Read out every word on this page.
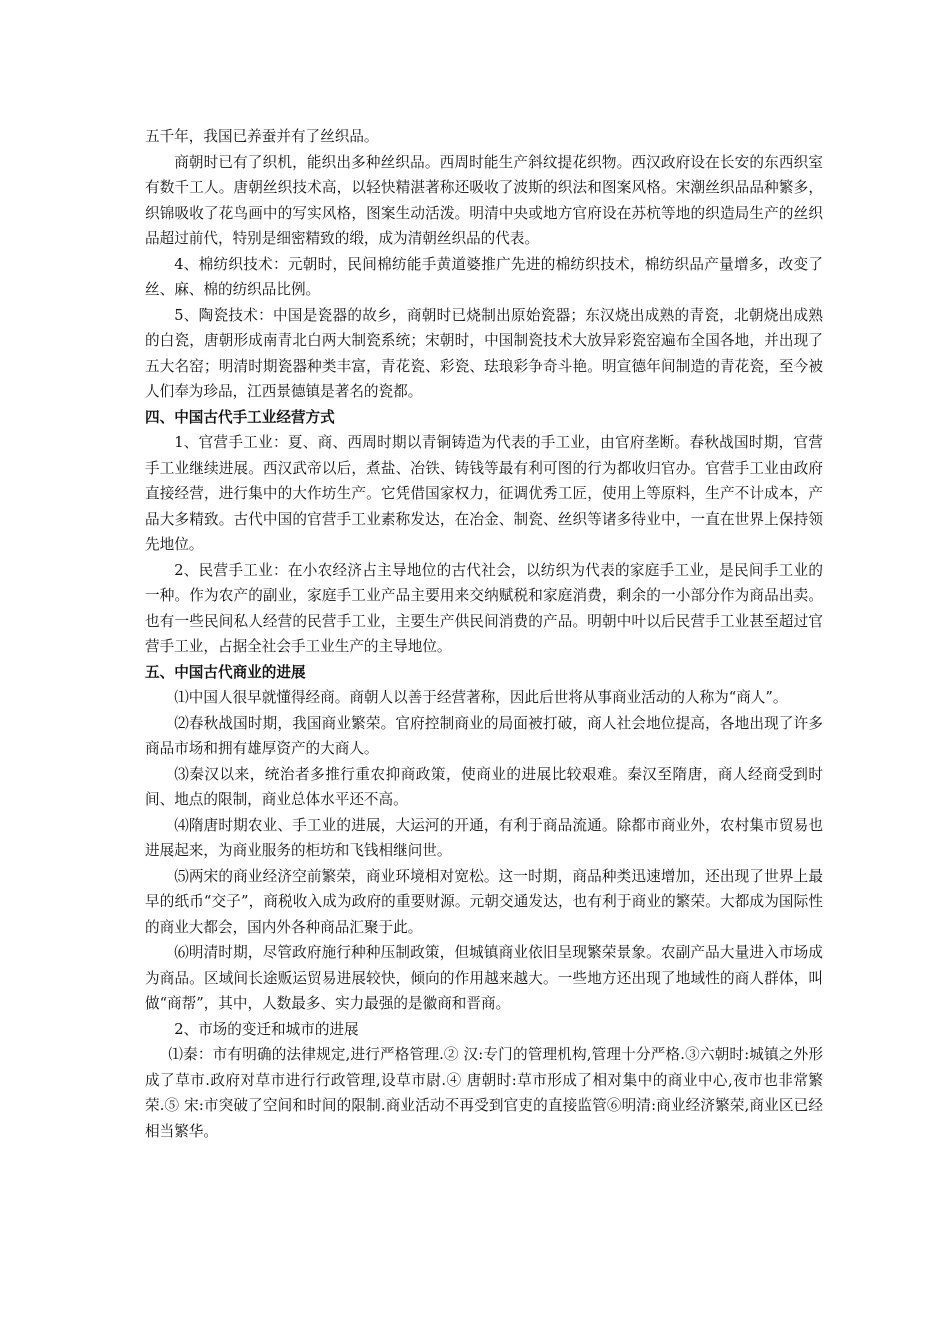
五千年，我国已养蚕并有了丝织品。

商朝时已有了织机，能织出多种丝织品。西周时能生产斜纹提花织物。西汉政府设在长安的东西织室有数千工人。唐朝丝织技术高，以轻快精湛著称还吸收了波斯的织法和图案风格。宋潮丝织品品种繁多，织锦吸收了花鸟画中的写实风格，图案生动活泼。明清中央或地方官府设在苏杭等地的织造局生产的丝织品超过前代，特别是细密精致的缎，成为清朝丝织品的代表。

4、棉纺织技术：元朝时，民间棉纺能手黄道婆推广先进的棉纺织技术，棉纺织品产量增多，改变了丝、麻、棉的纺织品比例。

5、陶瓷技术：中国是瓷器的故乡，商朝时已烧制出原始瓷器；东汉烧出成熟的青瓷，北朝烧出成熟的白瓷，唐朝形成南青北白两大制瓷系统；宋朝时，中国制瓷技术大放异彩瓷窑遍布全国各地，并出现了五大名窑；明清时期瓷器种类丰富，青花瓷、彩瓷、珐琅彩争奇斗艳。明宣德年间制造的青花瓷，至今被人们奉为珍品，江西景德镇是著名的瓷都。

四、中国古代手工业经营方式

1、官营手工业：夏、商、西周时期以青铜铸造为代表的手工业，由官府垄断。春秋战国时期，官营手工业继续进展。西汉武帝以后，煮盐、冶铁、铸钱等最有利可图的行为都收归官办。官营手工业由政府直接经营，进行集中的大作坊生产。它凭借国家权力，征调优秀工匠，使用上等原料，生产不计成本，产品大多精致。古代中国的官营手工业素称发达，在冶金、制瓷、丝织等诸多待业中，一直在世界上保持领先地位。

2、民营手工业：在小农经济占主导地位的古代社会，以纺织为代表的家庭手工业，是民间手工业的一种。作为农产的副业，家庭手工业产品主要用来交纳赋税和家庭消费，剩余的一小部分作为商品出卖。也有一些民间私人经营的民营手工业，主要生产供民间消费的产品。明朝中叶以后民营手工业甚至超过官营手工业，占据全社会手工业生产的主导地位。

五、中国古代商业的进展

⑴中国人很早就懂得经商。商朝人以善于经营著称，因此后世将从事商业活动的人称为“商人”。

⑵春秋战国时期，我国商业繁荣。官府控制商业的局面被打破，商人社会地位提高，各地出现了许多商品市场和拥有雄厚资产的大商人。

⑶秦汉以来，统治者多推行重农抑商政策，使商业的进展比较艰难。秦汉至隋唐，商人经商受到时间、地点的限制，商业总体水平还不高。

⑷隋唐时期农业、手工业的进展，大运河的开通，有利于商品流通。除都市商业外，农村集市贸易也进展起来，为商业服务的柜坊和飞钱相继问世。

⑸两宋的商业经济空前繁荣，商业环境相对宽松。这一时期，商品种类迅速增加，还出现了世界上最早的纸币“交子”，商税收入成为政府的重要财源。元朝交通发达，也有利于商业的繁荣。大都成为国际性的商业大都会，国内外各种商品汇聚于此。

⑹明清时期，尽管政府施行种种压制政策，但城镇商业依旧呈现繁荣景象。农副产品大量进入市场成为商品。区域间长途贩运贸易进展较快，倾向的作用越来越大。一些地方还出现了地域性的商人群体，叫做“商帮”，其中，人数最多、实力最强的是徽商和晋商。

2、市场的变迁和城市的进展

⑴秦：市有明确的法律规定,进行严格管理.② 汉:专门的管理机构,管理十分严格.③六朝时:城镇之外形成了草市.政府对草市进行行政管理,设草市尉.④ 唐朝时:草市形成了相对集中的商业中心,夜市也非常繁荣.⑤ 宋:市突破了空间和时间的限制.商业活动不再受到官吏的直接监管⑥明清:商业经济繁荣,商业区已经相当繁华。
